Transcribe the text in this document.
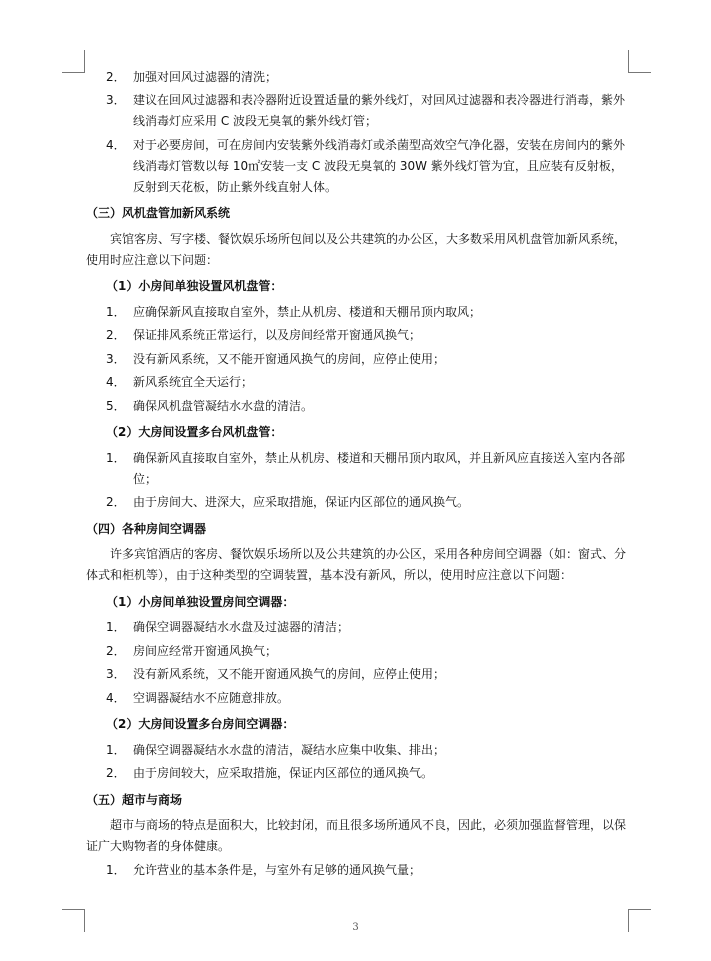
2． 加强对回风过滤器的清洗；
3． 建议在回风过滤器和表冷器附近设置适量的紫外线灯，对回风过滤器和表冷器进行消毒，紫外线消毒灯应采用 C 波段无臭氧的紫外线灯管；
4． 对于必要房间，可在房间内安装紫外线消毒灯或杀菌型高效空气净化器，安装在房间内的紫外线消毒灯管数以每 10㎡安装一支 C 波段无臭氧的 30W 紫外线灯管为宜，且应装有反射板，反射到天花板，防止紫外线直射人体。
（三）风机盘管加新风系统
宾馆客房、写字楼、餐饮娱乐场所包间以及公共建筑的办公区，大多数采用风机盘管加新风系统，使用时应注意以下问题：
（1）小房间单独设置风机盘管：
1． 应确保新风直接取自室外，禁止从机房、楼道和天棚吊顶内取风；
2． 保证排风系统正常运行，以及房间经常开窗通风换气；
3． 没有新风系统，又不能开窗通风换气的房间，应停止使用；
4． 新风系统宜全天运行；
5． 确保风机盘管凝结水水盘的清洁。
（2）大房间设置多台风机盘管：
1． 确保新风直接取自室外，禁止从机房、楼道和天棚吊顶内取风，并且新风应直接送入室内各部位；
2． 由于房间大、进深大，应采取措施，保证内区部位的通风换气。
（四）各种房间空调器
许多宾馆酒店的客房、餐饮娱乐场所以及公共建筑的办公区，采用各种房间空调器（如：窗式、分体式和柜机等），由于这种类型的空调装置，基本没有新风，所以，使用时应注意以下问题：
（1）小房间单独设置房间空调器：
1． 确保空调器凝结水水盘及过滤器的清洁；
2． 房间应经常开窗通风换气；
3． 没有新风系统，又不能开窗通风换气的房间，应停止使用；
4． 空调器凝结水不应随意排放。
（2）大房间设置多台房间空调器：
1． 确保空调器凝结水水盘的清洁，凝结水应集中收集、排出；
2． 由于房间较大，应采取措施，保证内区部位的通风换气。
（五）超市与商场
超市与商场的特点是面积大，比较封闭，而且很多场所通风不良，因此，必须加强监督管理，以保证广大购物者的身体健康。
1． 允许营业的基本条件是，与室外有足够的通风换气量；
3
